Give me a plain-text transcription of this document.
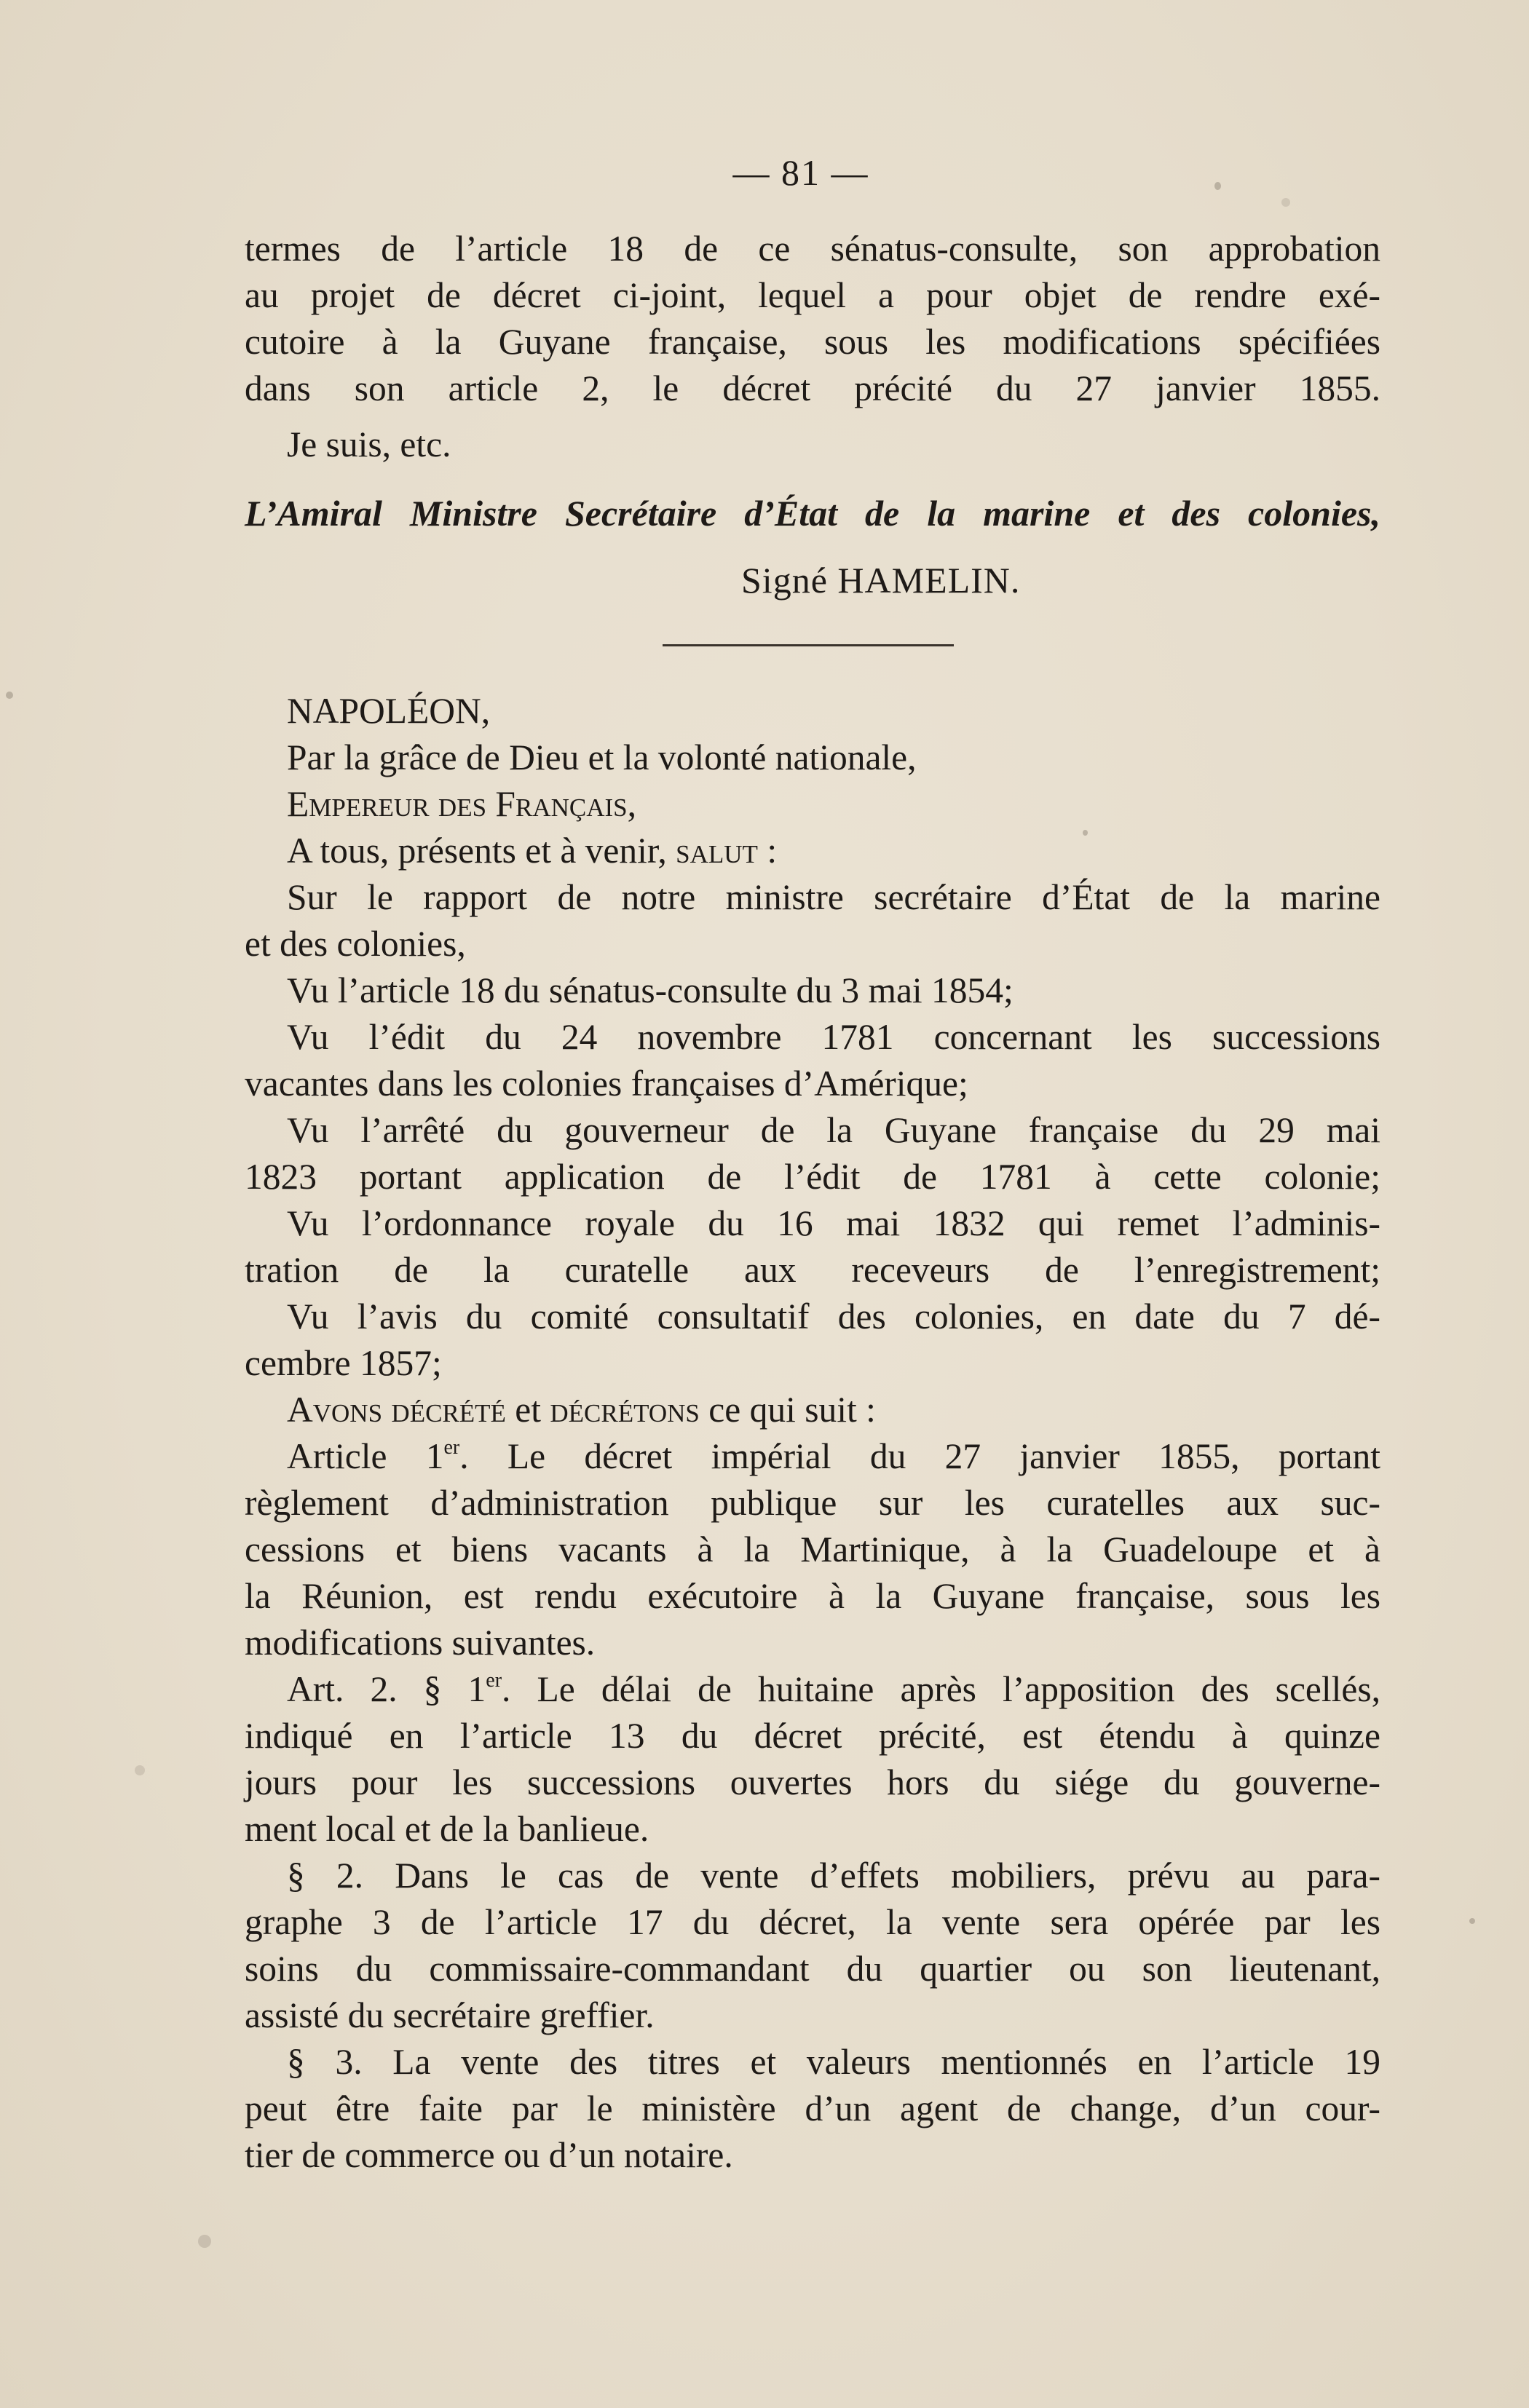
— 81 —
termes de l’article 18 de ce sénatus-consulte, son approbation
au projet de décret ci-joint, lequel a pour objet de rendre exé-
cutoire à la Guyane française, sous les modifications spécifiées
dans son article 2, le décret précité du 27 janvier 1855.
Je suis, etc.
L’Amiral Ministre Secrétaire d’État de la marine et des colonies,
Signé HAMELIN.
NAPOLÉON,
Par la grâce de Dieu et la volonté nationale,
Empereur des Français,
A tous, présents et à venir, salut :
Sur le rapport de notre ministre secrétaire d’État de la marine
et des colonies,
Vu l’article 18 du sénatus-consulte du 3 mai 1854;
Vu l’édit du 24 novembre 1781 concernant les successions
vacantes dans les colonies françaises d’Amérique;
Vu l’arrêté du gouverneur de la Guyane française du 29 mai
1823 portant application de l’édit de 1781 à cette colonie;
Vu l’ordonnance royale du 16 mai 1832 qui remet l’adminis-
tration de la curatelle aux receveurs de l’enregistrement;
Vu l’avis du comité consultatif des colonies, en date du 7 dé-
cembre 1857;
Avons décrété et décrétons ce qui suit :
Article 1er. Le décret impérial du 27 janvier 1855, portant
règlement d’administration publique sur les curatelles aux suc-
cessions et biens vacants à la Martinique, à la Guadeloupe et à
la Réunion, est rendu exécutoire à la Guyane française, sous les
modifications suivantes.
Art. 2. § 1er. Le délai de huitaine après l’apposition des scellés,
indiqué en l’article 13 du décret précité, est étendu à quinze
jours pour les successions ouvertes hors du siége du gouverne-
ment local et de la banlieue.
§ 2. Dans le cas de vente d’effets mobiliers, prévu au para-
graphe 3 de l’article 17 du décret, la vente sera opérée par les
soins du commissaire-commandant du quartier ou son lieutenant,
assisté du secrétaire greffier.
§ 3. La vente des titres et valeurs mentionnés en l’article 19
peut être faite par le ministère d’un agent de change, d’un cour-
tier de commerce ou d’un notaire.
